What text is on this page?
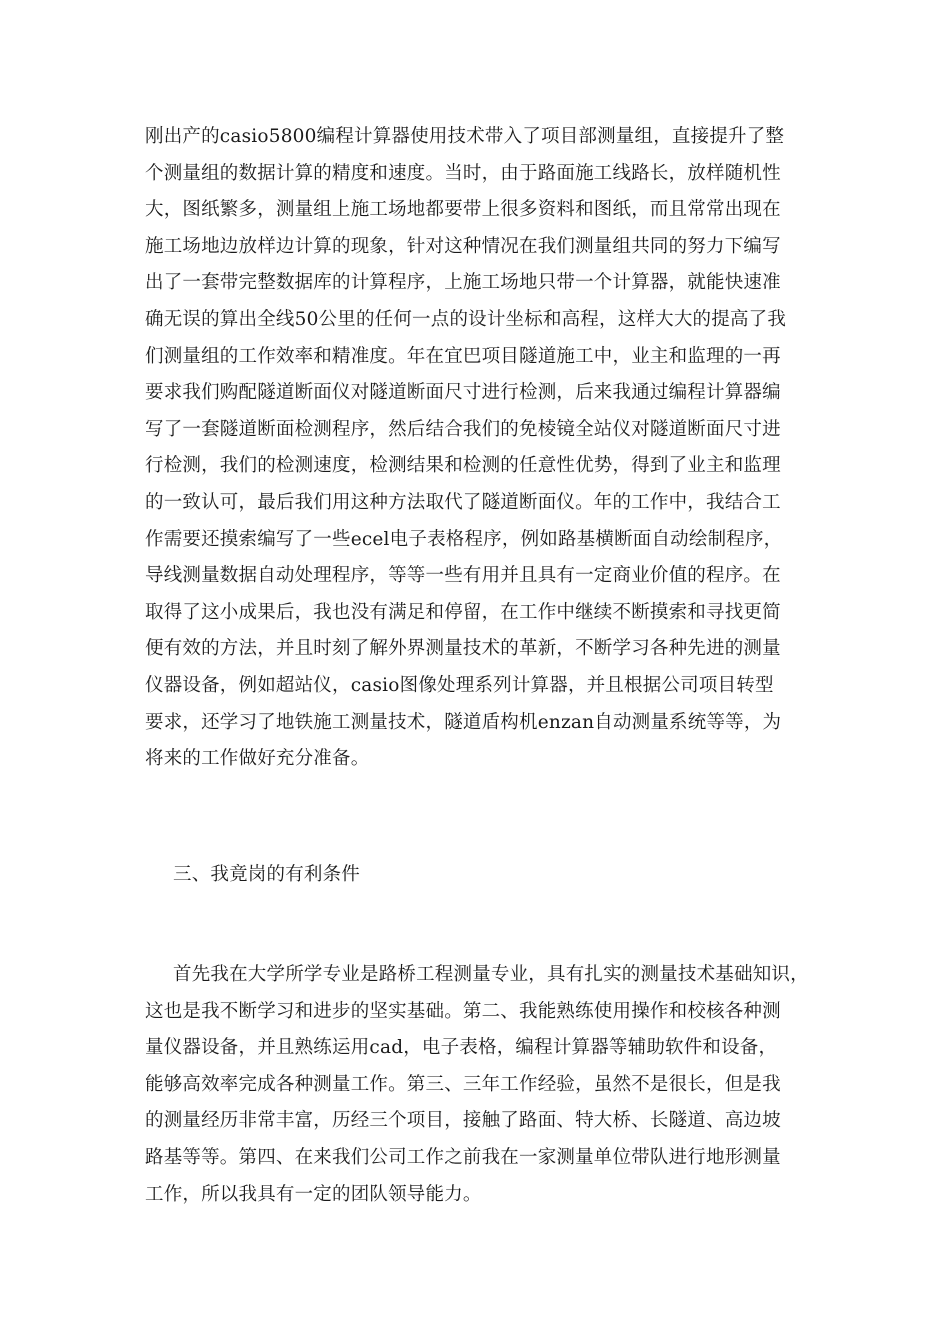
刚出产的casio5800编程计算器使用技术带入了项目部测量组，直接提升了整
个测量组的数据计算的精度和速度。当时，由于路面施工线路长，放样随机性
大，图纸繁多，测量组上施工场地都要带上很多资料和图纸，而且常常出现在
施工场地边放样边计算的现象，针对这种情况在我们测量组共同的努力下编写
出了一套带完整数据库的计算程序，上施工场地只带一个计算器，就能快速准
确无误的算出全线50公里的任何一点的设计坐标和高程，这样大大的提高了我
们测量组的工作效率和精准度。年在宜巴项目隧道施工中，业主和监理的一再
要求我们购配隧道断面仪对隧道断面尺寸进行检测，后来我通过编程计算器编
写了一套隧道断面检测程序，然后结合我们的免棱镜全站仪对隧道断面尺寸进
行检测，我们的检测速度，检测结果和检测的任意性优势，得到了业主和监理
的一致认可，最后我们用这种方法取代了隧道断面仪。年的工作中，我结合工
作需要还摸索编写了一些ecel电子表格程序，例如路基横断面自动绘制程序，
导线测量数据自动处理程序，等等一些有用并且具有一定商业价值的程序。在
取得了这小成果后，我也没有满足和停留，在工作中继续不断摸索和寻找更简
便有效的方法，并且时刻了解外界测量技术的革新，不断学习各种先进的测量
仪器设备，例如超站仪，casio图像处理系列计算器，并且根据公司项目转型
要求，还学习了地铁施工测量技术，隧道盾构机enzan自动测量系统等等，为
将来的工作做好充分准备。
三、我竟岗的有利条件
首先我在大学所学专业是路桥工程测量专业，具有扎实的测量技术基础知识，
这也是我不断学习和进步的坚实基础。第二、我能熟练使用操作和校核各种测
量仪器设备，并且熟练运用cad，电子表格，编程计算器等辅助软件和设备，
能够高效率完成各种测量工作。第三、三年工作经验，虽然不是很长，但是我
的测量经历非常丰富，历经三个项目，接触了路面、特大桥、长隧道、高边坡
路基等等。第四、在来我们公司工作之前我在一家测量单位带队进行地形测量
工作，所以我具有一定的团队领导能力。
